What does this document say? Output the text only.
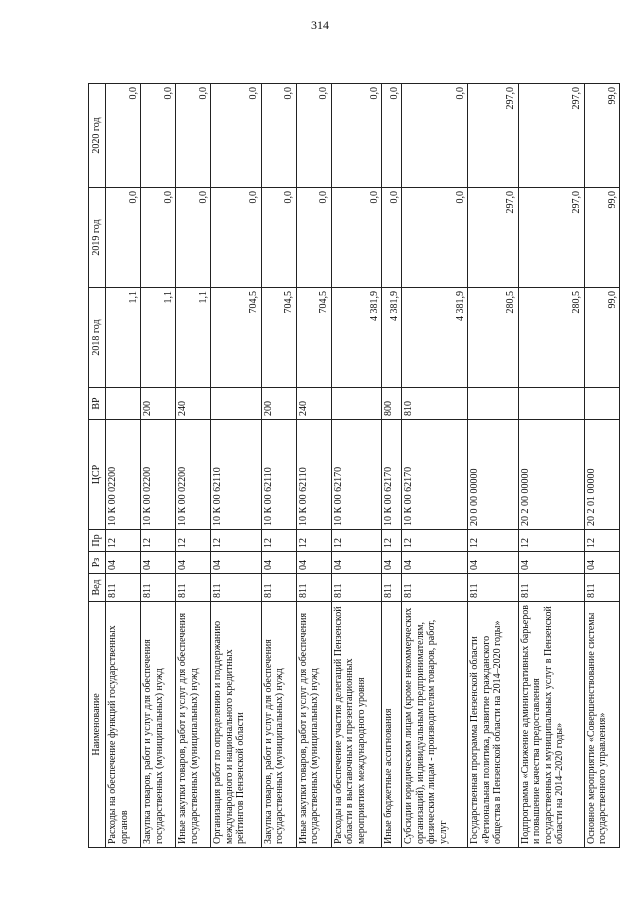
314
Наименование	Вед	Рз	Пр	ЦСР	ВР	2018 год	2019 год	2020 год
Расходы на обеспечение функций государственных органов	811	04	12	10 К 00 02200		1,1	0,0	0,0
Закупка товаров, работ и услуг для обеспечения государственных (муниципальных) нужд	811	04	12	10 К 00 02200	200	1,1	0,0	0,0
Иные закупки товаров, работ и услуг для обеспечения государственных (муниципальных) нужд	811	04	12	10 К 00 02200	240	1,1	0,0	0,0
Организация работ по определению и поддержанию международного и национального кредитных рейтингов Пензенской области	811	04	12	10 К 00 62110		704,5	0,0	0,0
Закупка товаров, работ и услуг для обеспечения государственных (муниципальных) нужд	811	04	12	10 К 00 62110	200	704,5	0,0	0,0
Иные закупки товаров, работ и услуг для обеспечения государственных (муниципальных) нужд	811	04	12	10 К 00 62110	240	704,5	0,0	0,0
Расходы на обеспечение участия делегаций Пензенской области в выставочных и презентационных мероприятиях международного уровня	811	04	12	10 К 00 62170		4 381,9	0,0	0,0
Иные бюджетные ассигнования	811	04	12	10 К 00 62170	800	4 381,9	0,0	0,0
Субсидии юридическим лицам (кроме некоммерческих организаций), индивидуальным предпринимателям, физическим лицам - производителям товаров, работ, услуг	811	04	12	10 К 00 62170	810	4 381,9	0,0	0,0
Государственная программа Пензенской области «Региональная политика, развитие гражданского общества в Пензенской области на 2014–2020 годы»	811	04	12	20 0 00 00000		280,5	297,0	297,0
Подпрограмма «Снижение административных барьеров и повышение качества предоставления государственных и муниципальных услуг в Пензенской области на 2014–2020 годы»	811	04	12	20 2 00 00000		280,5	297,0	297,0
Основное мероприятие «Совершенствование системы государственного управления»	811	04	12	20 2 01 00000		99,0	99,0	99,0
